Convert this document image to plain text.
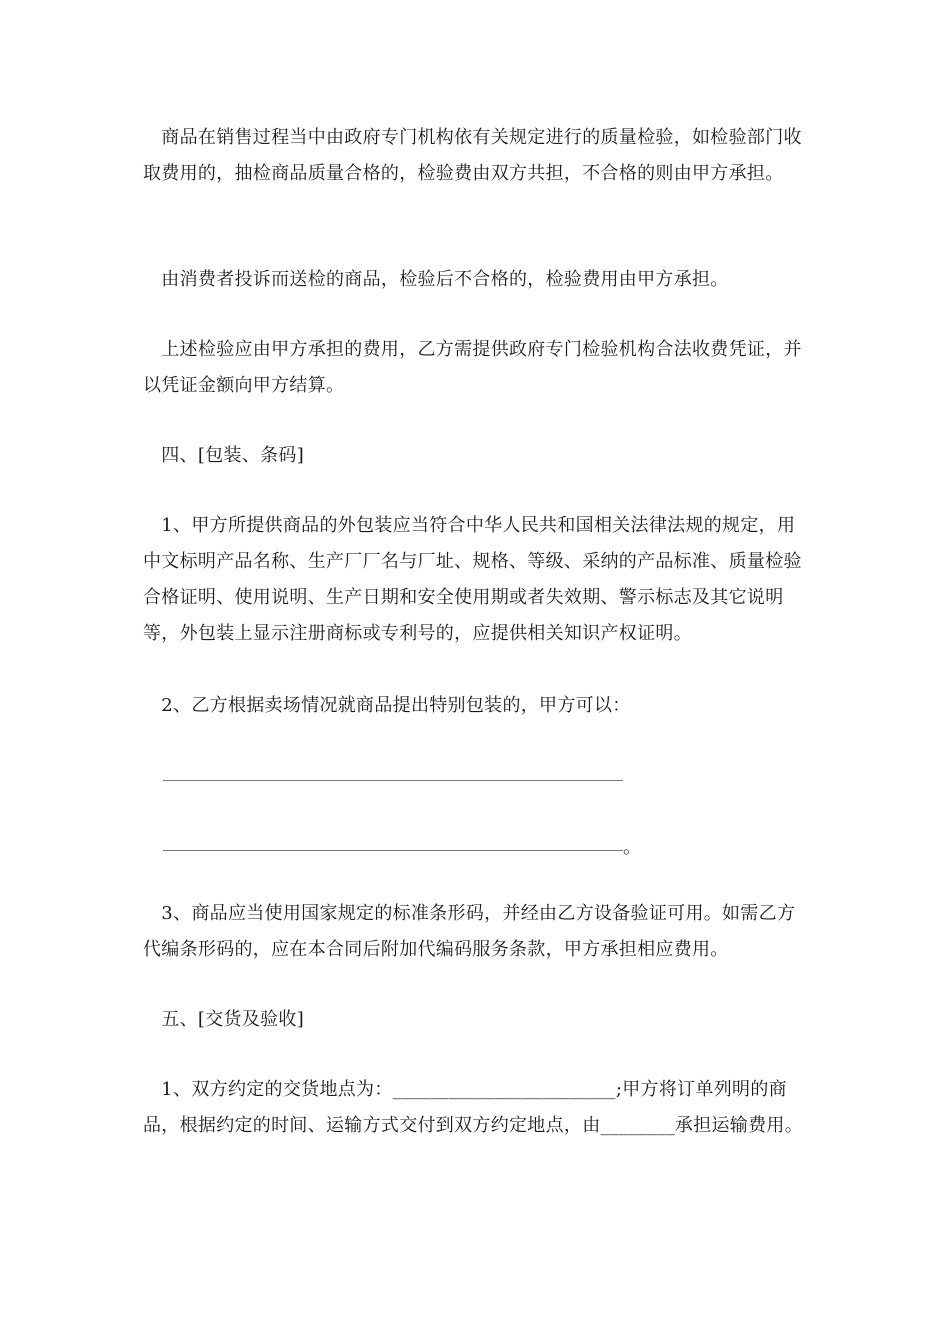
　商品在销售过程当中由政府专门机构依有关规定进行的质量检验，如检验部门收取费用的，抽检商品质量合格的，检验费由双方共担，不合格的则由甲方承担。

　由消费者投诉而送检的商品，检验后不合格的，检验费用由甲方承担。

　上述检验应由甲方承担的费用，乙方需提供政府专门检验机构合法收费凭证，并以凭证金额向甲方结算。

　四、[包装、条码]

　1、甲方所提供商品的外包装应当符合中华人民共和国相关法律法规的规定，用中文标明产品名称、生产厂厂名与厂址、规格、等级、采纳的产品标准、质量检验合格证明、使用说明、生产日期和安全使用期或者失效期、警示标志及其它说明等，外包装上显示注册商标或专利号的，应提供相关知识产权证明。

　2、乙方根据卖场情况就商品提出特别包装的，甲方可以：

。

　3、商品应当使用国家规定的标准条形码，并经由乙方设备验证可用。如需乙方代编条形码的，应在本合同后附加代编码服务条款，甲方承担相应费用。

　五、[交货及验收]

　1、双方约定的交货地点为：________________________;甲方将订单列明的商品，根据约定的时间、运输方式交付到双方约定地点，由________承担运输费用。
